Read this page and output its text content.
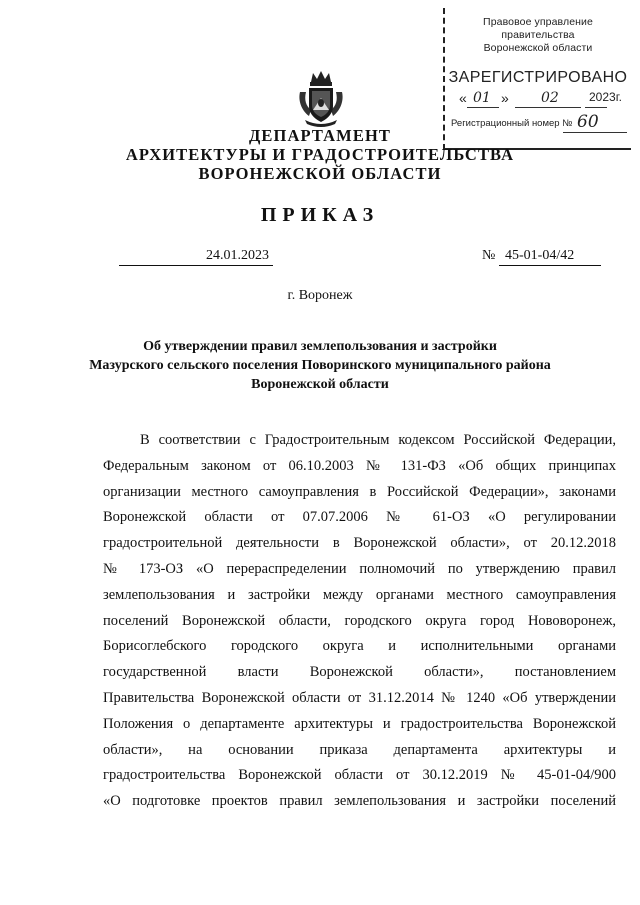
Правовое управление правительства
Воронежской области
ЗАРЕГИСТРИРОВАНО
« 01 » 02	2023г.
Регистрационный номер № 60
ДЕПАРТАМЕНТ
АРХИТЕКТУРЫ И ГРАДОСТРОИТЕЛЬСТВА
ВОРОНЕЖСКОЙ ОБЛАСТИ
ПРИКАЗ
24.01.2023	№ 45-01-04/42
г. Воронеж
Об утверждении правил землепользования и застройки
Мазурского сельского поселения Поворинского муниципального района
Воронежской области
В соответствии с Градостроительным кодексом Российской Федерации,
Федеральным законом от 06.10.2003 № 131-ФЗ «Об общих принципах
организации местного самоуправления в Российской Федерации», законами
Воронежской области от 07.07.2006 № 61-ОЗ «О регулировании
градостроительной деятельности в Воронежской области», от 20.12.2018
№ 173-ОЗ «О перераспределении полномочий по утверждению правил
землепользования и застройки между органами местного самоуправления
поселений Воронежской области, городского округа город Нововоронеж,
Борисоглебского городского округа и исполнительными органами
государственной власти Воронежской области», постановлением
Правительства Воронежской области от 31.12.2014 № 1240 «Об утверждении
Положения о департаменте архитектуры и градостроительства Воронежской
области», на основании приказа департамента архитектуры и
градостроительства Воронежской области от 30.12.2019 № 45-01-04/900
«О подготовке проектов правил землепользования и застройки поселений
